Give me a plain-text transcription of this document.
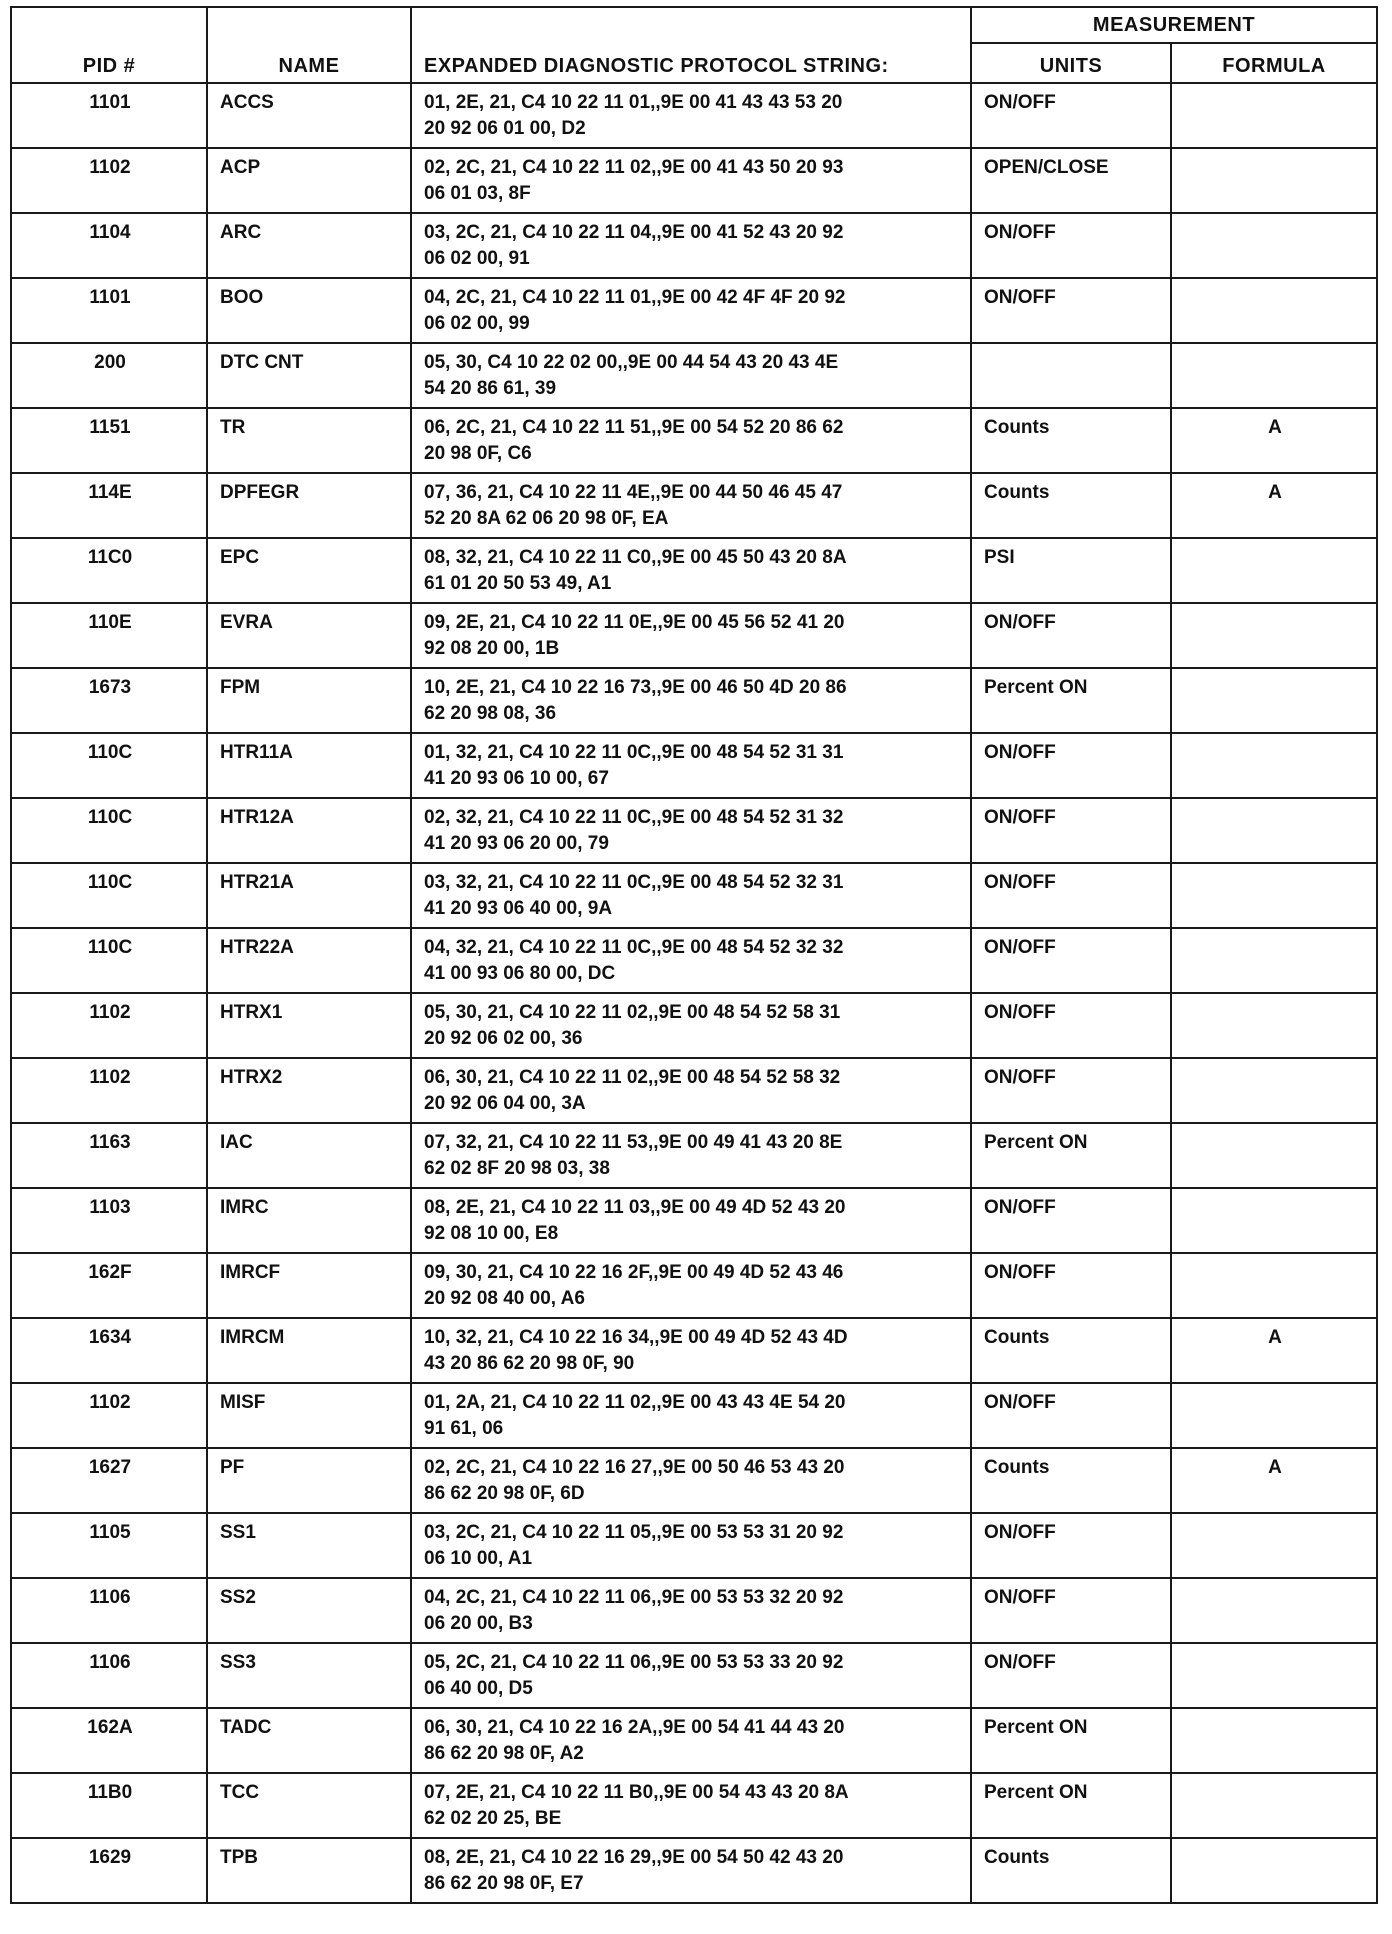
PID #	NAME	EXPANDED DIAGNOSTIC PROTOCOL STRING:	MEASUREMENT	
			UNITS	FORMULA
1101	ACCS	01, 2E, 21, C4 10 22 11 01,,9E 00 41 43 43 53 20
20 92 06 01 00, D2	ON/OFF	
1102	ACP	02, 2C, 21, C4 10 22 11 02,,9E 00 41 43 50 20 93
06 01 03, 8F	OPEN/CLOSE	
1104	ARC	03, 2C, 21, C4 10 22 11 04,,9E 00 41 52 43 20 92
06 02 00, 91	ON/OFF	
1101	BOO	04, 2C, 21, C4 10 22 11 01,,9E 00 42 4F 4F 20 92
06 02 00, 99	ON/OFF	
200	DTC CNT	05, 30, C4 10 22 02 00,,9E 00 44 54 43 20 43 4E
54 20 86 61, 39		

1151	TR	06, 2C, 21, C4 10 22 11 51,,9E 00 54 52 20 86 62
20 98 0F, C6	Counts	A
114E	DPFEGR	07, 36, 21, C4 10 22 11 4E,,9E 00 44 50 46 45 47
52 20 8A 62 06 20 98 0F, EA	Counts	A
11C0	EPC	08, 32, 21, C4 10 22 11 C0,,9E 00 45 50 43 20 8A
61 01 20 50 53 49, A1	PSI	
110E	EVRA	09, 2E, 21, C4 10 22 11 0E,,9E 00 45 56 52 41 20
92 08 20 00, 1B	ON/OFF	
1673	FPM	10, 2E, 21, C4 10 22 16 73,,9E 00 46 50 4D 20 86
62 20 98 08, 36	Percent ON	
110C	HTR11A	01, 32, 21, C4 10 22 11 0C,,9E 00 48 54 52 31 31
41 20 93 06 10 00, 67	ON/OFF	
110C	HTR12A	02, 32, 21, C4 10 22 11 0C,,9E 00 48 54 52 31 32
41 20 93 06 20 00, 79	ON/OFF	
110C	HTR21A	03, 32, 21, C4 10 22 11 0C,,9E 00 48 54 52 32 31
41 20 93 06 40 00, 9A	ON/OFF	
110C	HTR22A	04, 32, 21, C4 10 22 11 0C,,9E 00 48 54 52 32 32
41 00 93 06 80 00, DC	ON/OFF	
1102	HTRX1	05, 30, 21, C4 10 22 11 02,,9E 00 48 54 52 58 31
20 92 06 02 00, 36	ON/OFF	
1102	HTRX2	06, 30, 21, C4 10 22 11 02,,9E 00 48 54 52 58 32
20 92 06 04 00, 3A	ON/OFF	
1163	IAC	07, 32, 21, C4 10 22 11 53,,9E 00 49 41 43 20 8E
62 02 8F 20 98 03, 38	Percent ON	
1103	IMRC	08, 2E, 21, C4 10 22 11 03,,9E 00 49 4D 52 43 20
92 08 10 00, E8	ON/OFF	
162F	IMRCF	09, 30, 21, C4 10 22 16 2F,,9E 00 49 4D 52 43 46
20 92 08 40 00, A6	ON/OFF	
1634	IMRCM	10, 32, 21, C4 10 22 16 34,,9E 00 49 4D 52 43 4D
43 20 86 62 20 98 0F, 90	Counts	A
1102	MISF	01, 2A, 21, C4 10 22 11 02,,9E 00 43 43 4E 54 20
91 61, 06	ON/OFF	
1627	PF	02, 2C, 21, C4 10 22 16 27,,9E 00 50 46 53 43 20
86 62 20 98 0F, 6D	Counts	A
1105	SS1	03, 2C, 21, C4 10 22 11 05,,9E 00 53 53 31 20 92
06 10 00, A1	ON/OFF	
1106	SS2	04, 2C, 21, C4 10 22 11 06,,9E 00 53 53 32 20 92
06 20 00, B3	ON/OFF	
1106	SS3	05, 2C, 21, C4 10 22 11 06,,9E 00 53 53 33 20 92
06 40 00, D5	ON/OFF	
162A	TADC	06, 30, 21, C4 10 22 16 2A,,9E 00 54 41 44 43 20
86 62 20 98 0F, A2	Percent ON	
11B0	TCC	07, 2E, 21, C4 10 22 11 B0,,9E 00 54 43 43 20 8A
62 02 20 25, BE	Percent ON	
1629	TPB	08, 2E, 21, C4 10 22 16 29,,9E 00 54 50 42 43 20
86 62 20 98 0F, E7	Counts	
